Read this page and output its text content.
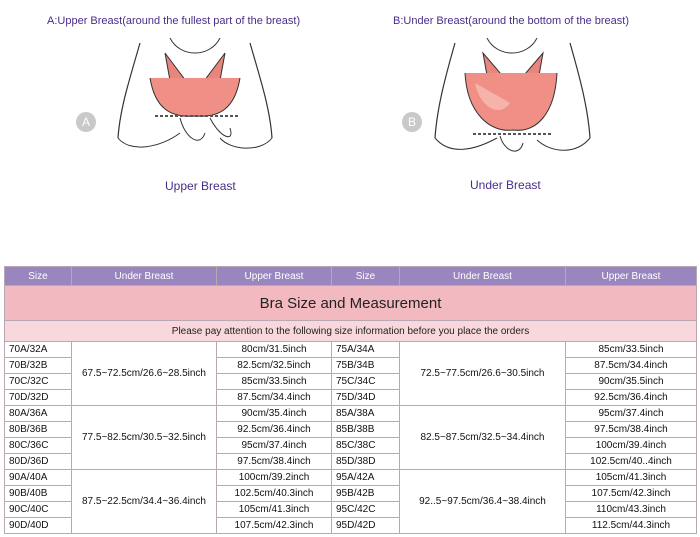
A:Upper Breast(around the fullest part of the breast)
A
Upper Breast
B:Under Breast(around the bottom of the breast)
B
Under Breast
Bra Size and Measurement					
Please pay attention to the following size information before you place the orders					
Size	Under Breast	Upper Breast	Size	Under Breast	Upper Breast
70A/32A	67.5~72.5cm/26.6~28.5inch	80cm/31.5inch	75A/34A	72.5~77.5cm/26.6~30.5inch	85cm/33.5inch
70B/32B		82.5cm/32.5inch	75B/34B		87.5cm/34.4inch
70C/32C		85cm/33.5inch	75C/34C		90cm/35.5inch
70D/32D		87.5cm/34.4inch	75D/34D		92.5cm/36.4inch
80A/36A	77.5~82.5cm/30.5~32.5inch	90cm/35.4inch	85A/38A	82.5~87.5cm/32.5~34.4inch	95cm/37.4inch
80B/36B		92.5cm/36.4inch	85B/38B		97.5cm/38.4inch
80C/36C		95cm/37.4inch	85C/38C		100cm/39.4inch
80D/36D		97.5cm/38.4inch	85D/38D		102.5cm/40..4inch
90A/40A	87.5~22.5cm/34.4~36.4inch	100cm/39.2inch	95A/42A	92..5~97.5cm/36.4~38.4inch	105cm/41.3inch
90B/40B		102.5cm/40.3inch	95B/42B		107.5cm/42.3inch
90C/40C		105cm/41.3inch	95C/42C		110cm/43.3inch
90D/40D		107.5cm/42.3inch	95D/42D		112.5cm/44.3inch
